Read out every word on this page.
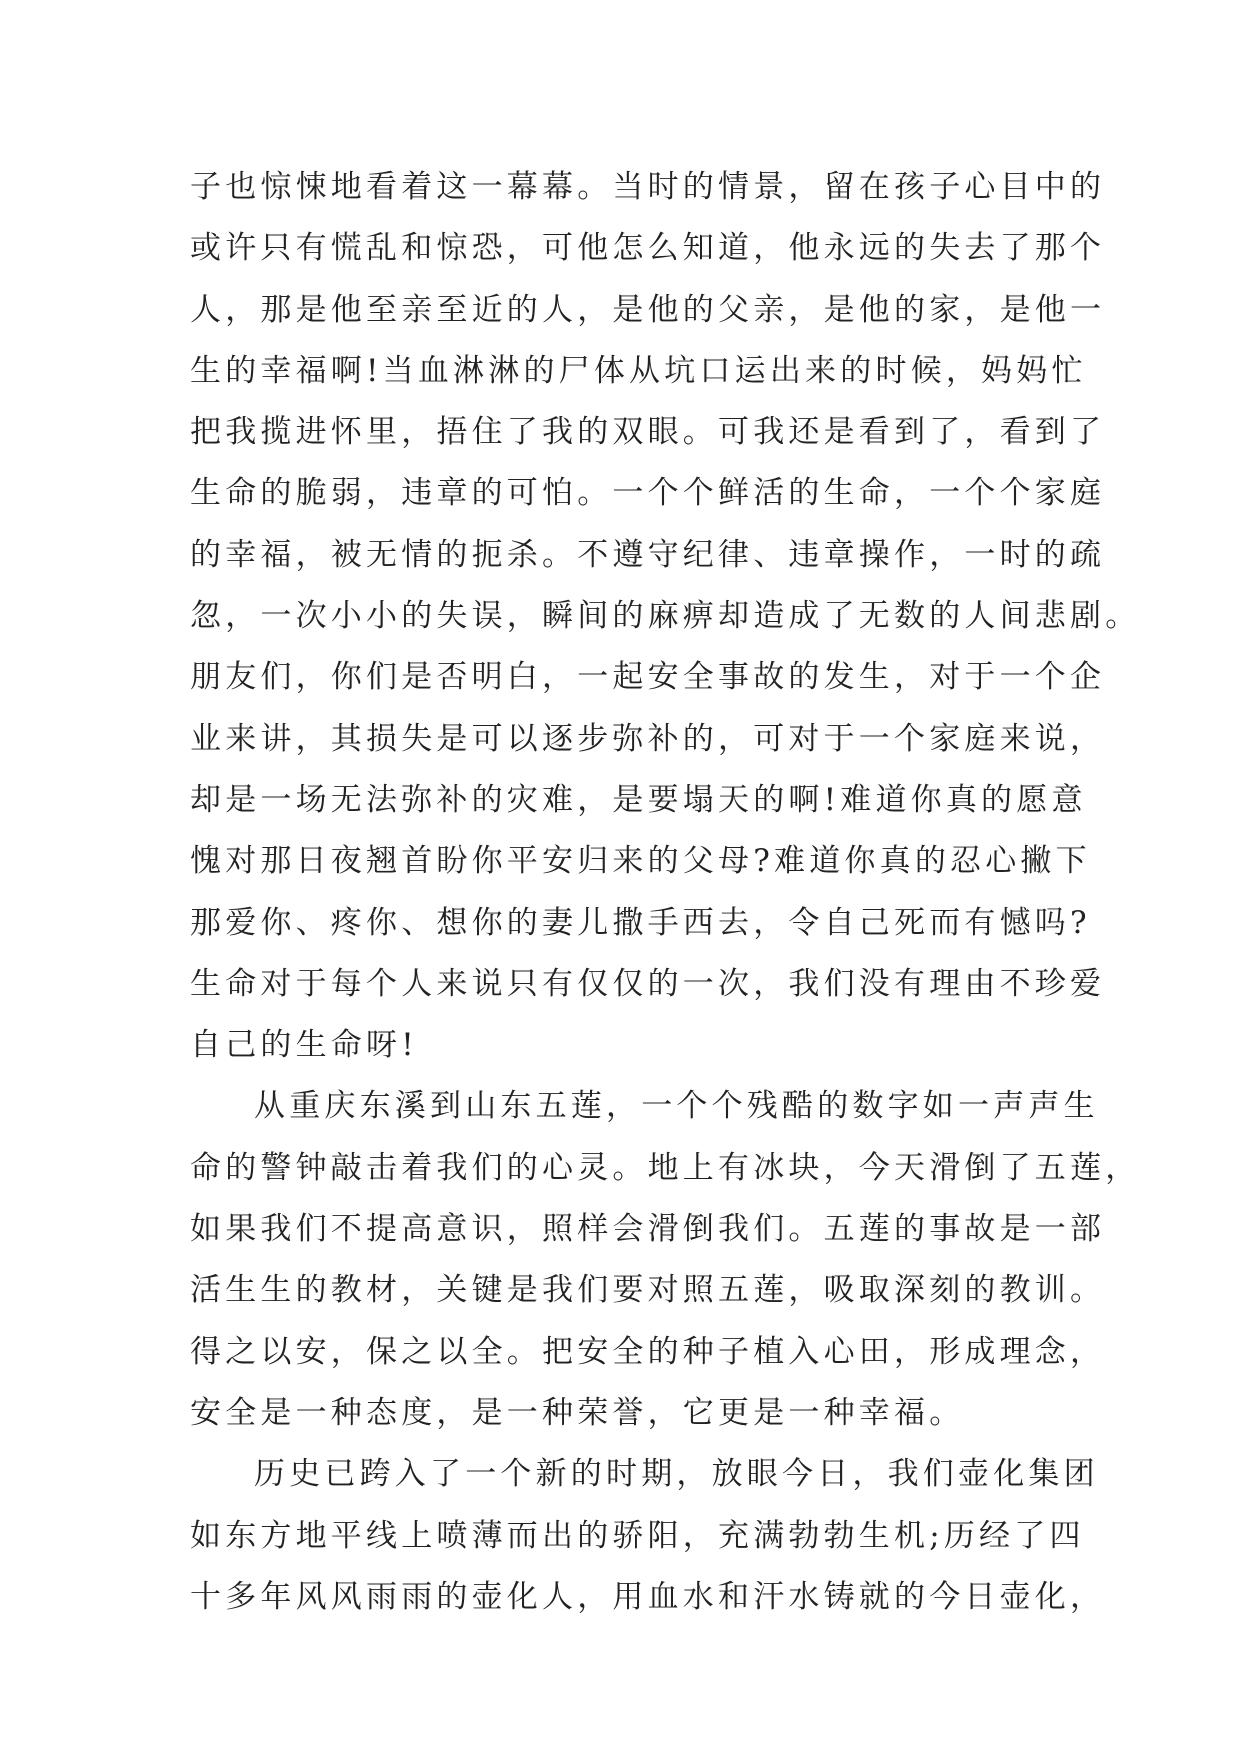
子也惊悚地看着这一幕幕。当时的情景，留在孩子心目中的
或许只有慌乱和惊恐，可他怎么知道，他永远的失去了那个
人，那是他至亲至近的人，是他的父亲，是他的家，是他一
生的幸福啊!当血淋淋的尸体从坑口运出来的时候，妈妈忙
把我揽进怀里，捂住了我的双眼。可我还是看到了，看到了
生命的脆弱，违章的可怕。一个个鲜活的生命，一个个家庭
的幸福，被无情的扼杀。不遵守纪律、违章操作，一时的疏
忽，一次小小的失误，瞬间的麻痹却造成了无数的人间悲剧。
朋友们，你们是否明白，一起安全事故的发生，对于一个企
业来讲，其损失是可以逐步弥补的，可对于一个家庭来说，
却是一场无法弥补的灾难，是要塌天的啊!难道你真的愿意
愧对那日夜翘首盼你平安归来的父母?难道你真的忍心撇下
那爱你、疼你、想你的妻儿撒手西去，令自己死而有憾吗?
生命对于每个人来说只有仅仅的一次，我们没有理由不珍爱
自己的生命呀!
从重庆东溪到山东五莲，一个个残酷的数字如一声声生
命的警钟敲击着我们的心灵。地上有冰块，今天滑倒了五莲，
如果我们不提高意识，照样会滑倒我们。五莲的事故是一部
活生生的教材，关键是我们要对照五莲，吸取深刻的教训。
得之以安，保之以全。把安全的种子植入心田，形成理念，
安全是一种态度，是一种荣誉，它更是一种幸福。
历史已跨入了一个新的时期，放眼今日，我们壶化集团
如东方地平线上喷薄而出的骄阳，充满勃勃生机;历经了四
十多年风风雨雨的壶化人，用血水和汗水铸就的今日壶化，
